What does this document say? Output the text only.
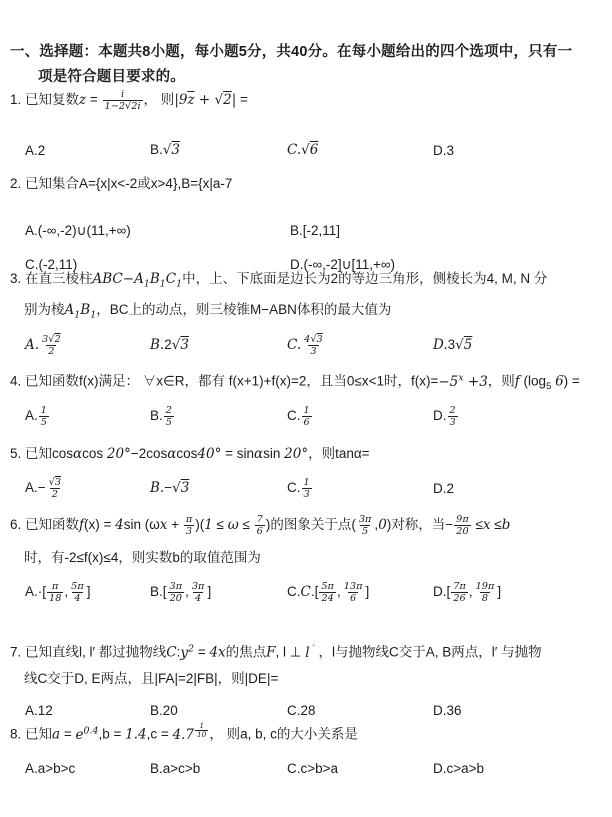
一、选择题：本题共8小题，每小题5分，共40分。在每小题给出的四个选项中，只有一
项是符合题目要求的。
1. 已知复数$z = \frac{i}{1-2√2i}$ ， 则$|9\overline{z} + √2|$ =
A.2	B.√3	C.√6	D.3
2. 已知集合A={x|x<-2或x>4},B={x|a-7
A.(-∞,-2)∪(11,+∞)	B.[-2,11]
C.(-2,11)	D.(-∞,-2]∪[11,+∞)
3. 在直三棱柱$ABC-A_1B_1C_1$中，上、下底面是边长为2的等边三角形，侧棱长为4, M, N 分
别为棱$A_1B_1$，BC上的动点，则三棱锥M−ABN体积的最大值为
A. $\frac{3√2}{2}$	B.2√3	C. $\frac{4√3}{3}$	D.3√5
4. 已知函数f(x)满足： ∀x∈R，都有 f(x+1)+f(x)=2，且当0≤x<1时，$f(x)=-5^x +3$，则f ($\log_5$ 6) =
A. $\frac{1}{5}$	B. $\frac{2}{5}$	C. $\frac{1}{6}$	D. $\frac{2}{3}$
5. 已知cosαcos 20°−2cosαcos40° = sinαsin 20°，则tanα=
$A.- \frac{√3}{2}$	B.−√3	C. $\frac{1}{3}$	D.2
6. 已知函数f(x) = 4sin $(\omega x + \frac{\pi}{3} )(1 \le \omega \le \frac{7}{6}$ )的图象关于点( $\frac{3\pi}{5} ,0$)对称，当− $\frac{9\pi}{20} \le x \le b$
时，有-2≤f(x)≤4，则实数b的取值范围为
$A.\cdot[ \frac{\pi}{18}$ , $\frac{5\pi}{4}$ ]	$B.[ \frac{3\pi}{20}$ , $\frac{3\pi}{4}$ ]	$C.C.[ \frac{5\pi}{24}$ , $\frac{13\pi}{6}$ ]	$D.[ \frac{7\pi}{26}$ , $\frac{19\pi}{8}$ ]
7. 已知直线l, l′ 都过抛物线$C:y^2 = 4x$的焦点F, l ⊥ l ′ ，l与抛物线C交于A, B两点，l′ 与抛物
线C交于D, E两点，且|FA|=2|FB|，则|DE|=
A.12	B.20	C.28	D.36
8. 已知$a = e^{0.4},b = 1.4,c = 4.7$ $^{\frac{1}{10}}$ ， 则a, b, c的大小关系是
A.a>b>c	B.a>c>b	C.c>b>a	D.c>a>b
